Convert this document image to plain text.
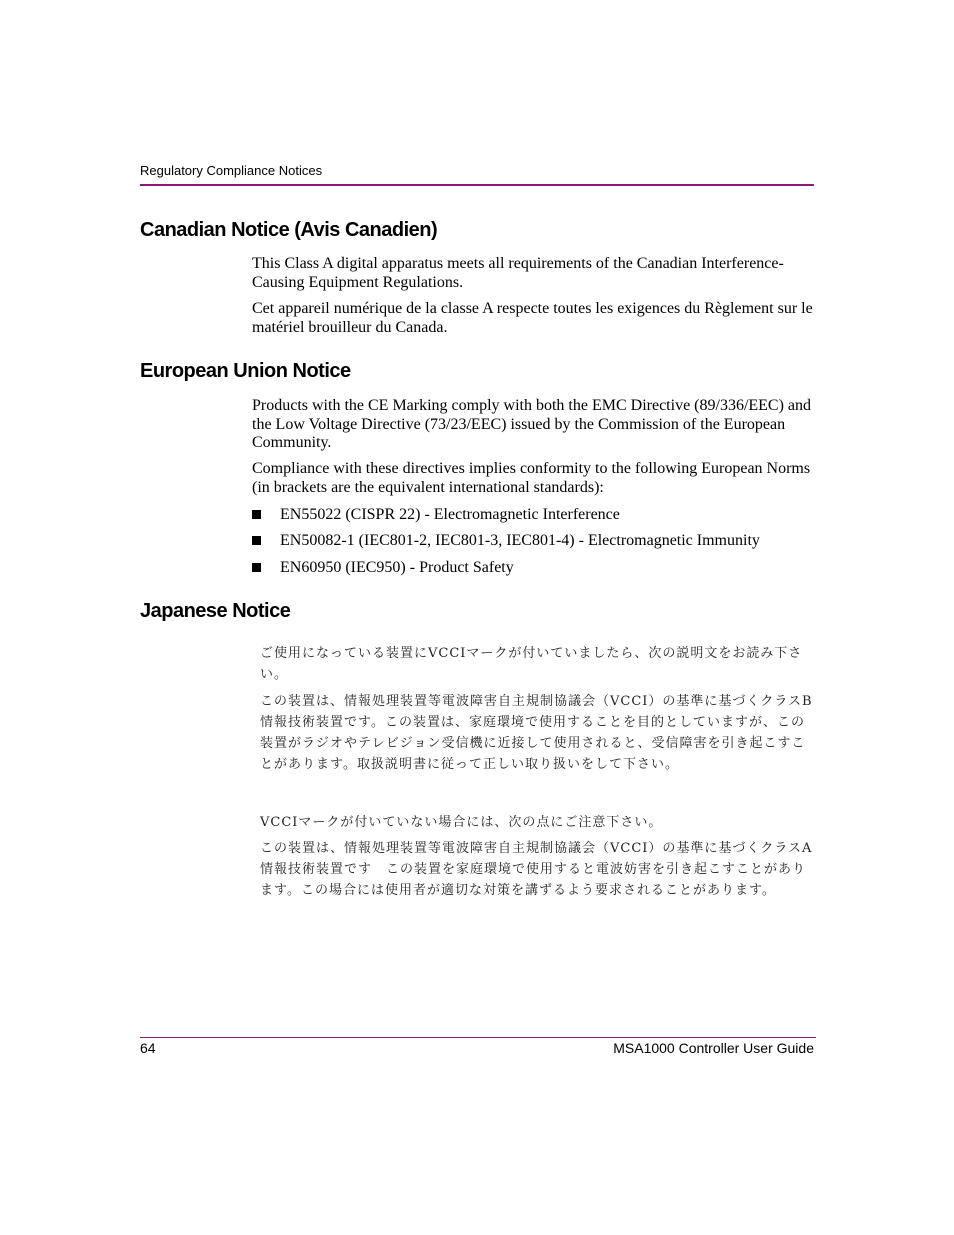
Regulatory Compliance Notices
Canadian Notice (Avis Canadien)

This Class A digital apparatus meets all requirements of the Canadian Interference-Causing Equipment Regulations.

Cet appareil numérique de la classe A respecte toutes les exigences du Règlement sur le matériel brouilleur du Canada.

European Union Notice

Products with the CE Marking comply with both the EMC Directive (89/336/EEC) and the Low Voltage Directive (73/23/EEC) issued by the Commission of the European Community.

Compliance with these directives implies conformity to the following European Norms (in brackets are the equivalent international standards):

EN55022 (CISPR 22) - Electromagnetic Interference
EN50082-1 (IEC801-2, IEC801-3, IEC801-4) - Electromagnetic Immunity
EN60950 (IEC950) - Product Safety
Japanese Notice

ご使用になっている装置にVCCIマークが付いていましたら、次の説明文をお読み下さい。

この装置は、情報処理装置等電波障害自主規制協議会（VCCI）の基準に基づくクラスB情報技術装置です。この装置は、家庭環境で使用することを目的としていますが、この装置がラジオやテレビジョン受信機に近接して使用されると、受信障害を引き起こすことがあります。取扱説明書に従って正しい取り扱いをして下さい。

VCCIマークが付いていない場合には、次の点にご注意下さい。

この装置は、情報処理装置等電波障害自主規制協議会（VCCI）の基準に基づくクラスA情報技術装置です　この装置を家庭環境で使用すると電波妨害を引き起こすことがあります。この場合には使用者が適切な対策を講ずるよう要求されることがあります。

64	MSA1000 Controller User Guide
